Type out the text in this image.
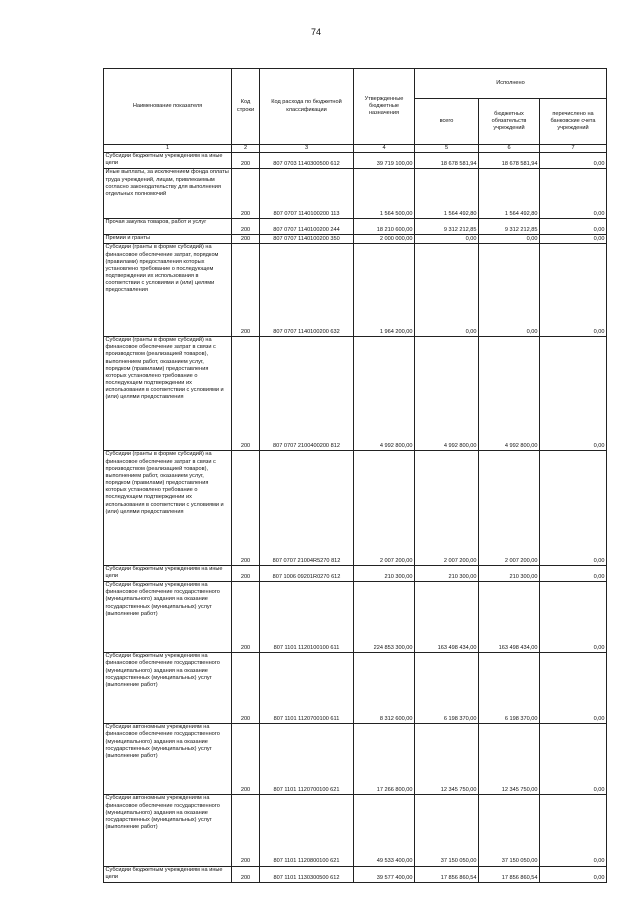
74
Наименование показателя	Код строки	Код расхода по бюджетной классификации	Утвержденные бюджетные назначения	Исполнено		
				всего	бюджетных обязательств учреждений	перечислено на банковские счета учреждений
1	2	3	4	5	6	7
Субсидии бюджетным учреждениям на иные цели	200	807 0703 1140300500 612	39 719 100,00	18 678 581,94	18 678 581,94	0,00
Иные выплаты, за исключением фонда оплаты труда учреждений, лицам, привлекаемым согласно законодательству для выполнения отдельных полномочий	200	807 0707 1140100200 113	1 564 500,00	1 564 492,80	1 564 492,80	0,00
Прочая закупка товаров, работ и услуг	200	807 0707 1140100200 244	18 210 600,00	9 312 212,85	9 312 212,85	0,00
Премии и гранты	200	807 0707 1140100200 350	2 000 000,00	0,00	0,00	0,00
Субсидии (гранты в форме субсидий) на финансовое обеспечение затрат, порядком (правилами) предоставления которых установлено требование о последующем подтверждении их использования в соответствии с условиями и (или) целями предоставления	200	807 0707 1140100200 632	1 964 200,00	0,00	0,00	0,00
Субсидии (гранты в форме субсидий) на финансовое обеспечение затрат в связи с производством (реализацией товаров), выполнением работ, оказанием услуг, порядком (правилами) предоставления которых установлено требование о последующем подтверждении их использования в соответствии с условиями и (или) целями предоставления	200	807 0707 2100400200 812	4 992 800,00	4 992 800,00	4 992 800,00	0,00
Субсидии (гранты в форме субсидий) на финансовое обеспечение затрат в связи с производством (реализацией товаров), выполнением работ, оказанием услуг, порядком (правилами) предоставления которых установлено требование о последующем подтверждении их использования в соответствии с условиями и (или) целями предоставления	200	807 0707 21004R5270 812	2 007 200,00	2 007 200,00	2 007 200,00	0,00
Субсидии бюджетным учреждениям на иные цели	200	807 1006 09201R0270 612	210 300,00	210 300,00	210 300,00	0,00
Субсидии бюджетным учреждениям на финансовое обеспечение государственного (муниципального) задания на оказание государственных (муниципальных) услуг (выполнение работ)	200	807 1101 1120100100 611	224 853 300,00	163 498 434,00	163 498 434,00	0,00
Субсидии бюджетным учреждениям на финансовое обеспечение государственного (муниципального) задания на оказание государственных (муниципальных) услуг (выполнение работ)	200	807 1101 1120700100 611	8 312 600,00	6 198 370,00	6 198 370,00	0,00
Субсидии автономным учреждениям на финансовое обеспечение государственного (муниципального) задания на оказание государственных (муниципальных) услуг (выполнение работ)	200	807 1101 1120700100 621	17 266 800,00	12 345 750,00	12 345 750,00	0,00
Субсидии автономным учреждениям на финансовое обеспечение государственного (муниципального) задания на оказание государственных (муниципальных) услуг (выполнение работ)	200	807 1101 1120800100 621	49 533 400,00	37 150 050,00	37 150 050,00	0,00
Субсидии бюджетным учреждениям на иные цели	200	807 1101 1130300500 612	39 577 400,00	17 856 860,54	17 856 860,54	0,00
